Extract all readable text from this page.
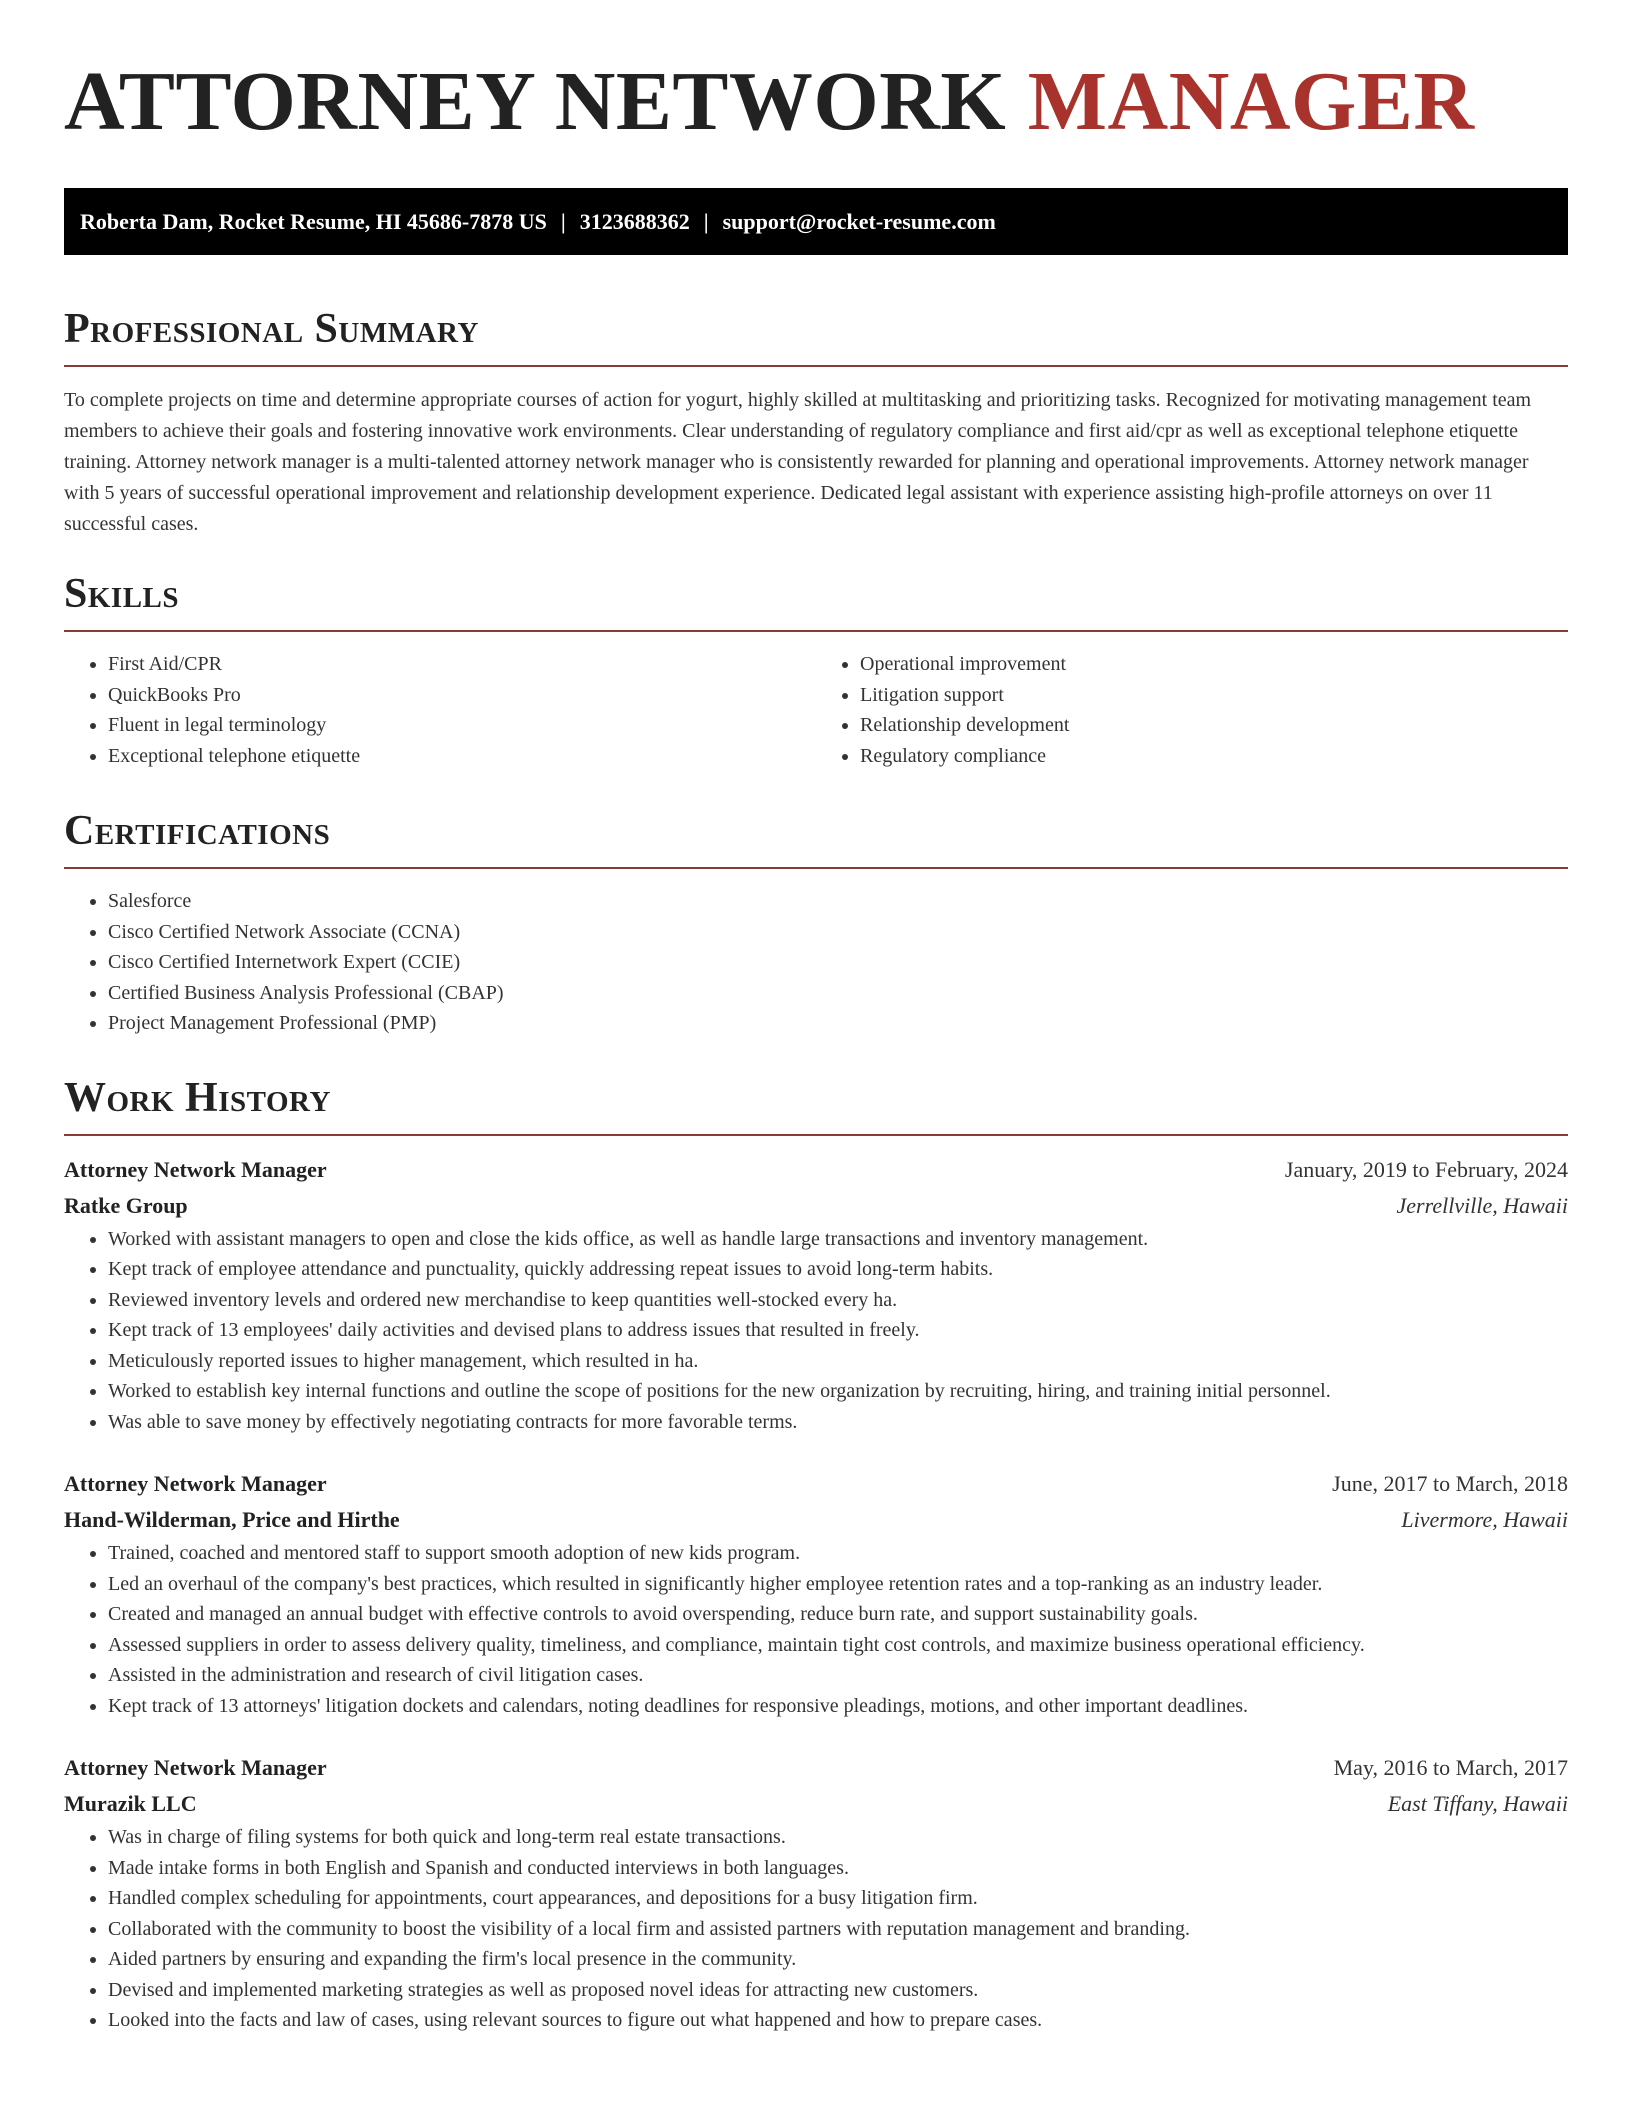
ATTORNEY NETWORK MANAGER
Roberta Dam, Rocket Resume, HI 45686-7878 US | 3123688362 | support@rocket-resume.com
Professional Summary

To complete projects on time and determine appropriate courses of action for yogurt, highly skilled at multitasking and prioritizing tasks. Recognized for motivating management team members to achieve their goals and fostering innovative work environments. Clear understanding of regulatory compliance and first aid/cpr as well as exceptional telephone etiquette training. Attorney network manager is a multi-talented attorney network manager who is consistently rewarded for planning and operational improvements. Attorney network manager with 5 years of successful operational improvement and relationship development experience. Dedicated legal assistant with experience assisting high-profile attorneys on over 11 successful cases.

Skills
• First Aid/CPR
• QuickBooks Pro
• Fluent in legal terminology
• Exceptional telephone etiquette
• Operational improvement
• Litigation support
• Relationship development
• Regulatory compliance
Certifications
• Salesforce
• Cisco Certified Network Associate (CCNA)
• Cisco Certified Internetwork Expert (CCIE)
• Certified Business Analysis Professional (CBAP)
• Project Management Professional (PMP)
Work History
Attorney Network Manager	January, 2019 to February, 2024
Ratke Group	Jerrellville, Hawaii
• Worked with assistant managers to open and close the kids office, as well as handle large transactions and inventory management.
• Kept track of employee attendance and punctuality, quickly addressing repeat issues to avoid long-term habits.
• Reviewed inventory levels and ordered new merchandise to keep quantities well-stocked every ha.
• Kept track of 13 employees' daily activities and devised plans to address issues that resulted in freely.
• Meticulously reported issues to higher management, which resulted in ha.
• Worked to establish key internal functions and outline the scope of positions for the new organization by recruiting, hiring, and training initial personnel.
• Was able to save money by effectively negotiating contracts for more favorable terms.
Attorney Network Manager	June, 2017 to March, 2018
Hand-Wilderman, Price and Hirthe	Livermore, Hawaii
• Trained, coached and mentored staff to support smooth adoption of new kids program.
• Led an overhaul of the company's best practices, which resulted in significantly higher employee retention rates and a top-ranking as an industry leader.
• Created and managed an annual budget with effective controls to avoid overspending, reduce burn rate, and support sustainability goals.
• Assessed suppliers in order to assess delivery quality, timeliness, and compliance, maintain tight cost controls, and maximize business operational efficiency.
• Assisted in the administration and research of civil litigation cases.
• Kept track of 13 attorneys' litigation dockets and calendars, noting deadlines for responsive pleadings, motions, and other important deadlines.
Attorney Network Manager	May, 2016 to March, 2017
Murazik LLC	East Tiffany, Hawaii
• Was in charge of filing systems for both quick and long-term real estate transactions.
• Made intake forms in both English and Spanish and conducted interviews in both languages.
• Handled complex scheduling for appointments, court appearances, and depositions for a busy litigation firm.
• Collaborated with the community to boost the visibility of a local firm and assisted partners with reputation management and branding.
• Aided partners by ensuring and expanding the firm's local presence in the community.
• Devised and implemented marketing strategies as well as proposed novel ideas for attracting new customers.
• Looked into the facts and law of cases, using relevant sources to figure out what happened and how to prepare cases.
